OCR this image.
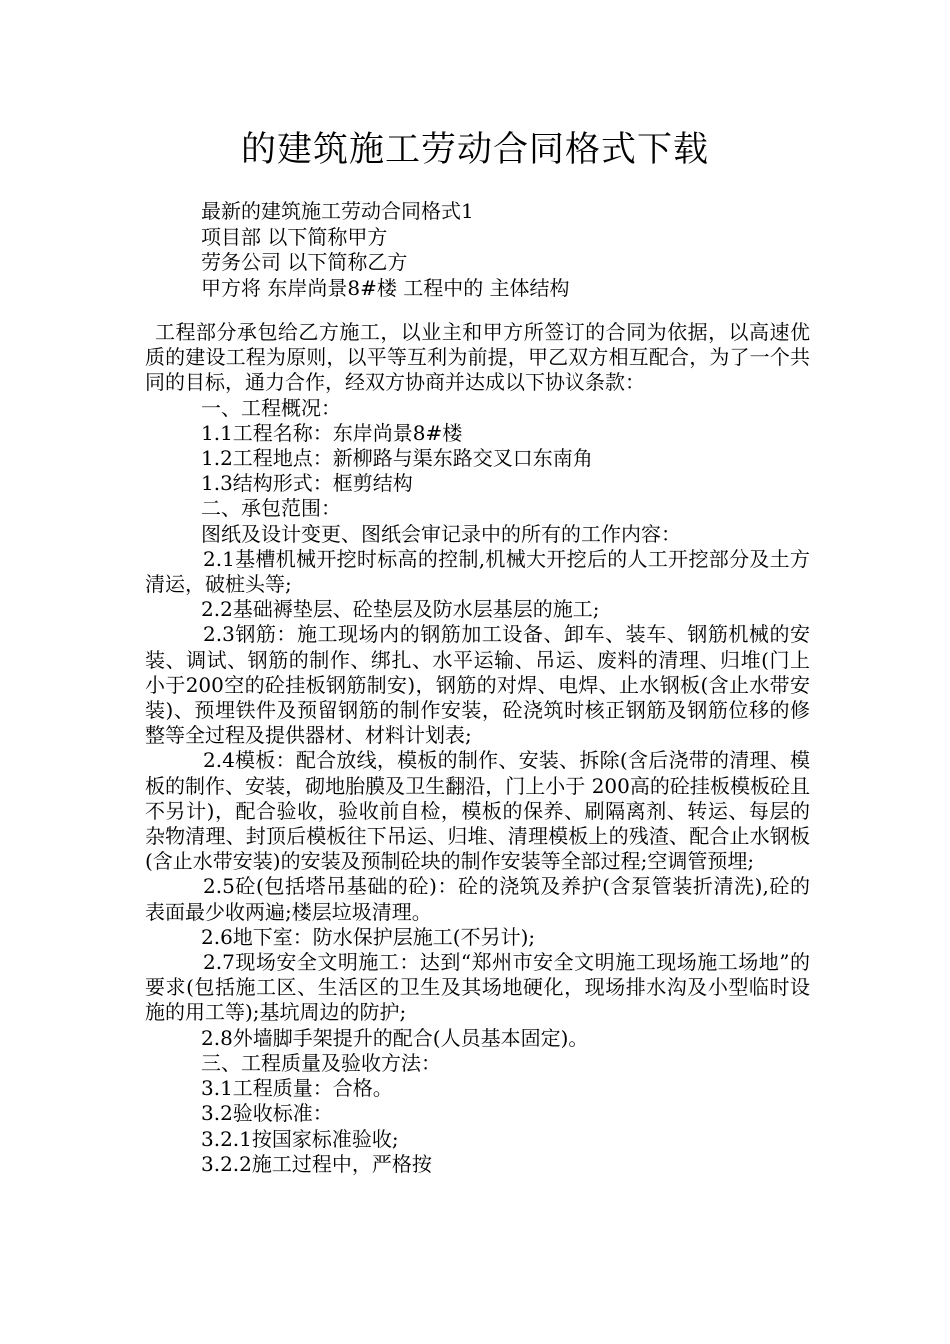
的建筑施工劳动合同格式下载

最新的建筑施工劳动合同格式1

项目部 以下简称甲方

劳务公司 以下简称乙方

甲方将 东岸尚景8#楼 工程中的 主体结构

工程部分承包给乙方施工，以业主和甲方所签订的合同为依据，以高速优质的建设工程为原则，以平等互利为前提，甲乙双方相互配合，为了一个共同的目标，通力合作，经双方协商并达成以下协议条款：

一、工程概况：

1.1工程名称：东岸尚景8#楼

1.2工程地点：新柳路与渠东路交叉口东南角

1.3结构形式：框剪结构

二、承包范围：

图纸及设计变更、图纸会审记录中的所有的工作内容：

2.1基槽机械开挖时标高的控制,机械大开挖后的人工开挖部分及土方清运，破桩头等;

2.2基础褥垫层、砼垫层及防水层基层的施工;

2.3钢筋：施工现场内的钢筋加工设备、卸车、装车、钢筋机械的安装、调试、钢筋的制作、绑扎、水平运输、吊运、废料的清理、归堆(门上小于200空的砼挂板钢筋制安)，钢筋的对焊、电焊、止水钢板(含止水带安装)、预埋铁件及预留钢筋的制作安装，砼浇筑时核正钢筋及钢筋位移的修整等全过程及提供器材、材料计划表;

2.4模板：配合放线，模板的制作、安装、拆除(含后浇带的清理、模板的制作、安装，砌地胎膜及卫生翻沿，门上小于 200高的砼挂板模板砼且不另计)，配合验收，验收前自检，模板的保养、刷隔离剂、转运、每层的杂物清理、封顶后模板往下吊运、归堆、清理模板上的残渣、配合止水钢板(含止水带安装)的安装及预制砼块的制作安装等全部过程;空调管预埋;

2.5砼(包括塔吊基础的砼)：砼的浇筑及养护(含泵管装折清洗),砼的表面最少收两遍;楼层垃圾清理。

2.6地下室：防水保护层施工(不另计);

2.7现场安全文明施工：达到“郑州市安全文明施工现场施工场地”的要求(包括施工区、生活区的卫生及其场地硬化，现场排水沟及小型临时设施的用工等);基坑周边的防护;

2.8外墙脚手架提升的配合(人员基本固定)。

三、工程质量及验收方法：

3.1工程质量：合格。

3.2验收标准：

3.2.1按国家标准验收;

3.2.2施工过程中，严格按
